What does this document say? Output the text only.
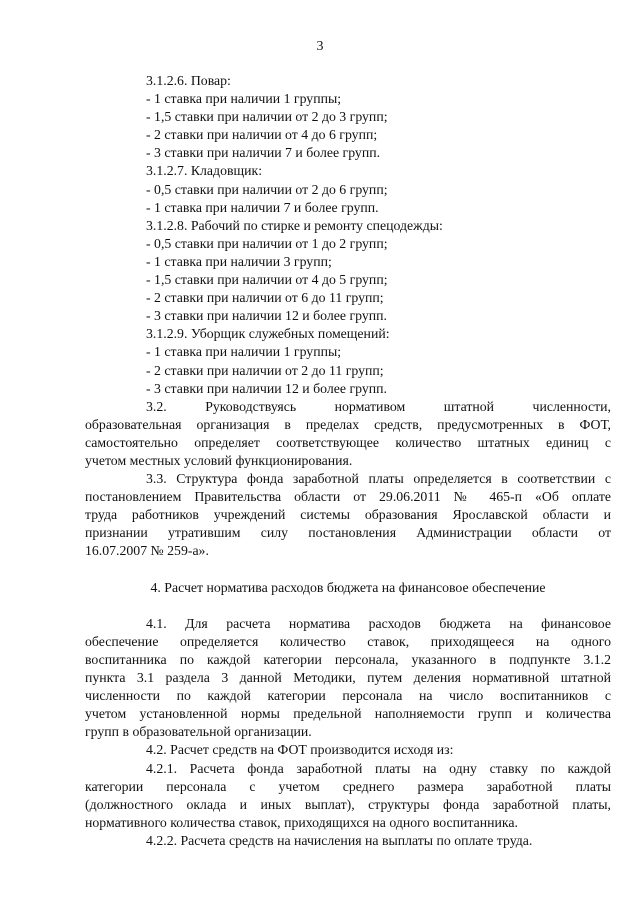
3
3.1.2.6. Повар:
- 1 ставка при наличии 1 группы;
- 1,5 ставки при наличии от 2 до 3 групп;
- 2 ставки при наличии от 4 до 6 групп;
- 3 ставки при наличии 7 и более групп.
3.1.2.7. Кладовщик:
- 0,5 ставки при наличии от 2 до 6 групп;
- 1 ставка при наличии 7 и более групп.
3.1.2.8. Рабочий по стирке и ремонту спецодежды:
- 0,5 ставки при наличии от 1 до 2 групп;
- 1 ставка при наличии 3 групп;
- 1,5 ставки при наличии от 4 до 5 групп;
- 2 ставки при наличии от 6 до 11 групп;
- 3 ставки при наличии 12 и более групп.
3.1.2.9. Уборщик служебных помещений:
- 1 ставка при наличии 1 группы;
- 2 ставки при наличии от 2 до 11 групп;
- 3 ставки при наличии 12 и более групп.
3.2. Руководствуясь нормативом штатной численности,
образовательная организация в пределах средств, предусмотренных в ФОТ,
самостоятельно определяет соответствующее количество штатных единиц с
учетом местных условий функционирования.
3.3. Структура фонда заработной платы определяется в соответствии с
постановлением Правительства области от 29.06.2011 № 465-п «Об оплате
труда работников учреждений системы образования Ярославской области и
признании утратившим силу постановления Администрации области от
16.07.2007 № 259-а».
4. Расчет норматива расходов бюджета на финансовое обеспечение
4.1. Для расчета норматива расходов бюджета на финансовое
обеспечение определяется количество ставок, приходящееся на одного
воспитанника по каждой категории персонала, указанного в подпункте 3.1.2
пункта 3.1 раздела 3 данной Методики, путем деления нормативной штатной
численности по каждой категории персонала на число воспитанников с
учетом установленной нормы предельной наполняемости групп и количества
групп в образовательной организации.
4.2. Расчет средств на ФОТ производится исходя из:
4.2.1. Расчета фонда заработной платы на одну ставку по каждой
категории персонала с учетом среднего размера заработной платы
(должностного оклада и иных выплат), структуры фонда заработной платы,
нормативного количества ставок, приходящихся на одного воспитанника.
4.2.2. Расчета средств на начисления на выплаты по оплате труда.
